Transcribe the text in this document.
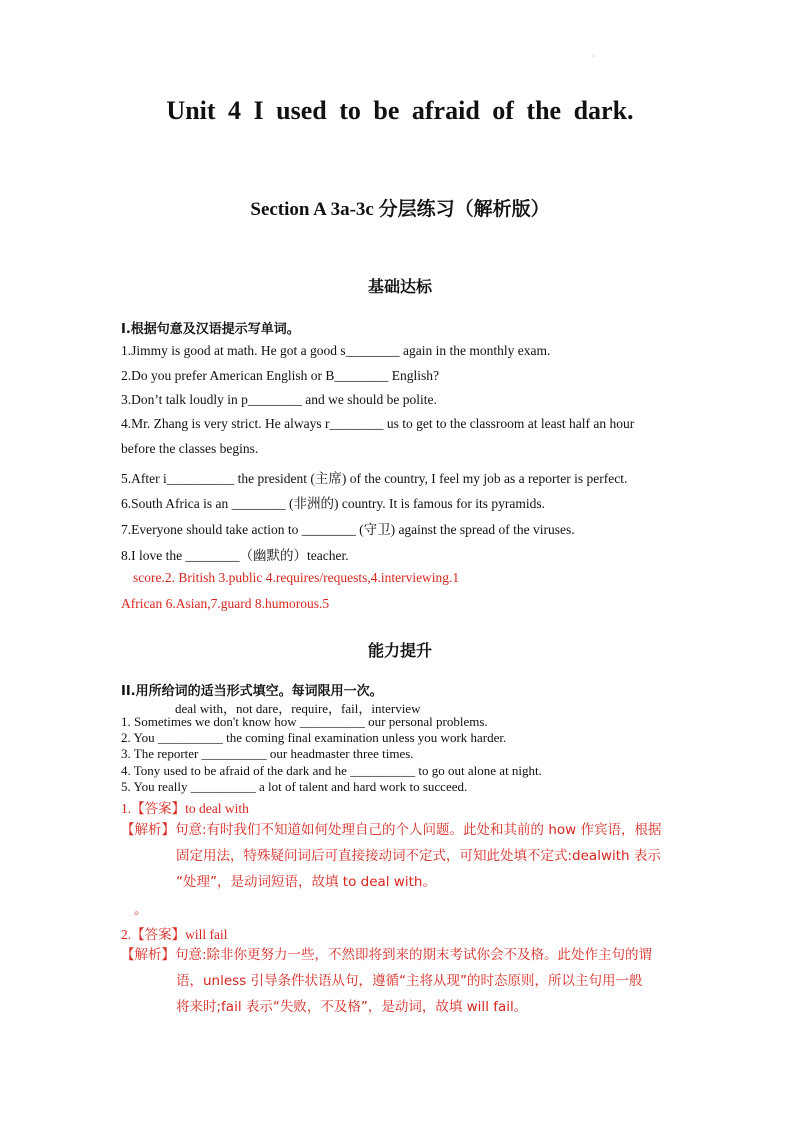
·
Unit 4 I used to be afraid of the dark.
Section A 3a-3c 分层练习（解析版）
基础达标
Ⅰ.根据句意及汉语提示写单词。
1.Jimmy is good at math. He got a good s________ again in the monthly exam.
2.Do you prefer American English or B________ English?
3.Don’t talk loudly in p________ and we should be polite.
4.Mr. Zhang is very strict. He always r________ us to get to the classroom at least half an hour
before the classes begins.
5.After i__________ the president (主席) of the country, I feel my job as a reporter is perfect.
6.South Africa is an ________ (非洲的) country. It is famous for its pyramids.
7.Everyone should take action to ________ (守卫) against the spread of the viruses.
8.I love the ________（幽默的）teacher.
score.2. British 3.public 4.requires/requests,4.interviewing.1
African 6.Asian,7.guard 8.humorous.5
能力提升
II.用所给词的适当形式填空。每词限用一次。
deal with，not dare，require，fail，interview
1. Sometimes we don't know how __________ our personal problems.
2. You __________ the coming final examination unless you work harder.
3. The reporter __________ our headmaster three times.
4. Tony used to be afraid of the dark and he __________ to go out alone at night.
5. You really __________ a lot of talent and hard work to succeed.
1.【答案】to deal with
【解析】句意:有时我们不知道如何处理自己的个人问题。此处和其前的 how 作宾语，根据
固定用法，特殊疑问词后可直接接动词不定式，可知此处填不定式:dealwith 表示
“处理”，是动词短语，故填 to deal with。
。
2.【答案】will fail
【解析】句意:除非你更努力一些，不然即将到来的期末考试你会不及格。此处作主句的谓
语，unless 引导条件状语从句，遵循“主将从现”的时态原则，所以主句用一般
将来时;fail 表示“失败，不及格”，是动词，故填 will fail。
